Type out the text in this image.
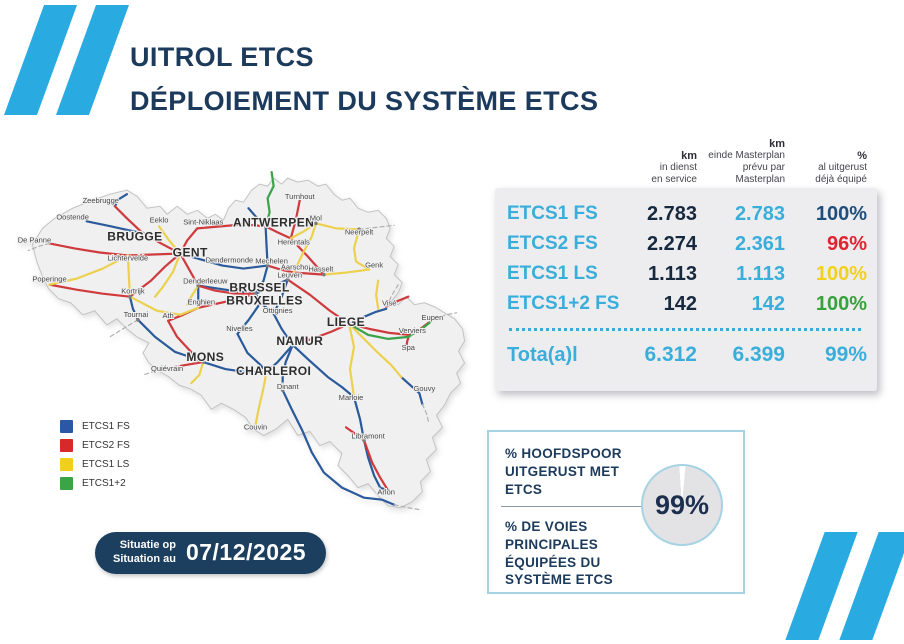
UITROL ETCS
DÉPLOIEMENT DU SYSTÈME ETCS
Zeebrugge
Oostende
De Panne
Eeklo
BRUGGE
Sint-Niklaas
GENT
Lichtervelde	Dendermonde
Denderleeuw
Poperinge
Kortrijk
Enghien
Tournai Ath
Turnhout
ANTWERPEN
Mol
Neerpelt
Herentals
Mechelen
Aarschot
Hasselt	Genk
Leuven
BRUSSEL
BRUXELLES
Ottignies
Nivelles
NAMUR
MONS
Quiévrain	CHARLEROI
Dinant
Couvin
Marloie
Gouvy
Libramont
Arlon
LIEGE
Visé
Eupen
Verviers
Spa
ETCS1 FS
ETCS2 FS
ETCS1 LS
ETCS1+2
Situatie op
Situation au 07/12/2025
km
in dienst
en service
km
einde Masterplan
prévu par
Masterplan
%
al uitgerust
déjà équipé
ETCS1 FS	2.783	2.783	100%
ETCS2 FS	2.274	2.361	96%
ETCS1 LS	1.113	1.113	100%
ETCS1+2 FS	142	142	100%
Tota(a)l	6.312	6.399	99%
% HOOFDSPOOR UITGERUST MET ETCS
% DE VOIES PRINCIPALES ÉQUIPÉES DU SYSTÈME ETCS
99%
